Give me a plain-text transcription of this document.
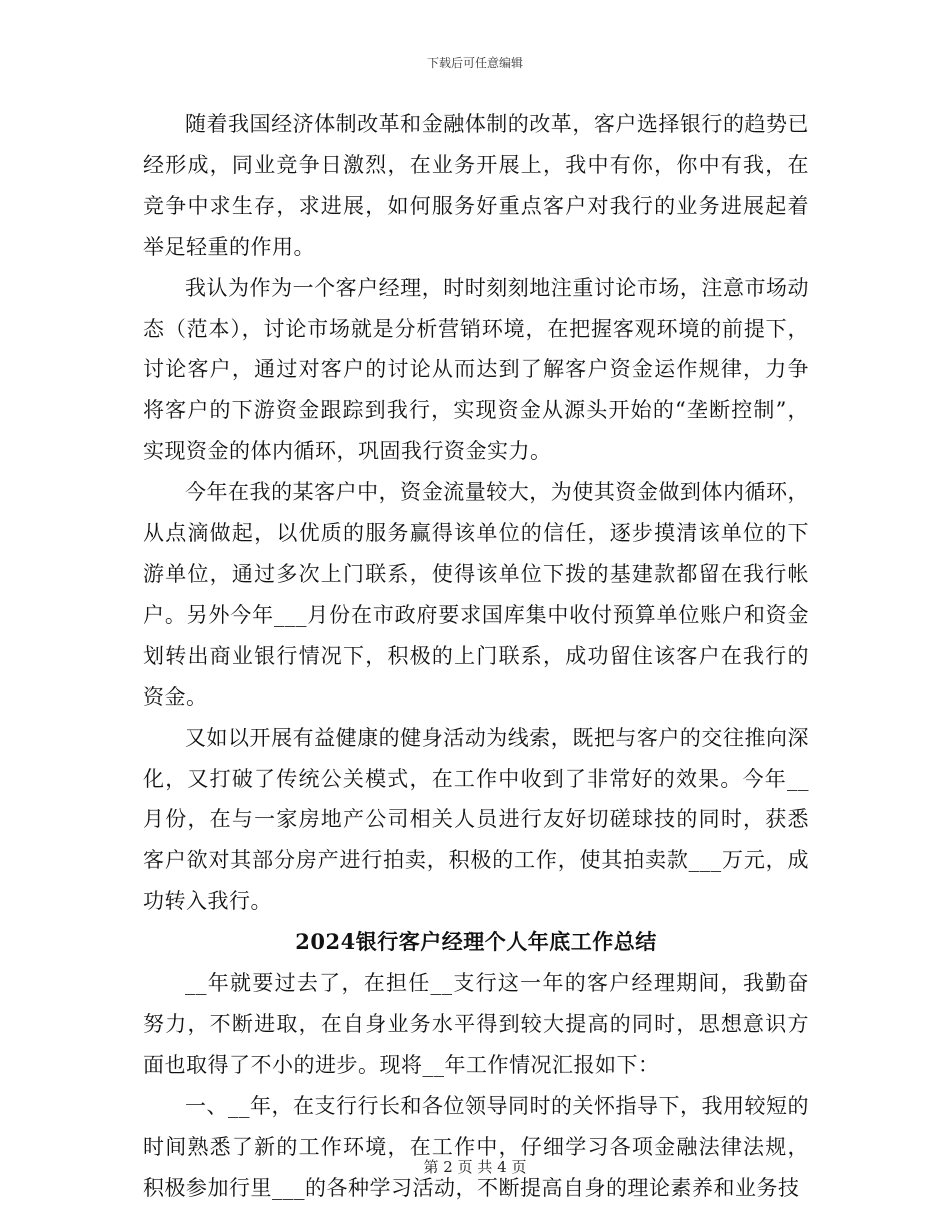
下载后可任意编辑

随着我国经济体制改革和金融体制的改革，客户选择银行的趋势已经形成，同业竞争日激烈，在业务开展上，我中有你，你中有我，在竞争中求生存，求进展，如何服务好重点客户对我行的业务进展起着举足轻重的作用。

我认为作为一个客户经理，时时刻刻地注重讨论市场，注意市场动态（范本），讨论市场就是分析营销环境，在把握客观环境的前提下，讨论客户，通过对客户的讨论从而达到了解客户资金运作规律，力争将客户的下游资金跟踪到我行，实现资金从源头开始的“垄断控制”，实现资金的体内循环，巩固我行资金实力。

今年在我的某客户中，资金流量较大，为使其资金做到体内循环，从点滴做起，以优质的服务赢得该单位的信任，逐步摸清该单位的下游单位，通过多次上门联系，使得该单位下拨的基建款都留在我行帐户。另外今年___月份在市政府要求国库集中收付预算单位账户和资金划转出商业银行情况下，积极的上门联系，成功留住该客户在我行的资金。

又如以开展有益健康的健身活动为线索，既把与客户的交往推向深化，又打破了传统公关模式，在工作中收到了非常好的效果。今年__月份，在与一家房地产公司相关人员进行友好切磋球技的同时，获悉客户欲对其部分房产进行拍卖，积极的工作，使其拍卖款___万元，成功转入我行。

2024银行客户经理个人年底工作总结

__年就要过去了，在担任__支行这一年的客户经理期间，我勤奋努力，不断进取，在自身业务水平得到较大提高的同时，思想意识方面也取得了不小的进步。现将__年工作情况汇报如下：

一、__年，在支行行长和各位领导同时的关怀指导下，我用较短的时间熟悉了新的工作环境，在工作中，仔细学习各项金融法律法规，积极参加行里___的各种学习活动，不断提高自身的理论素养和业务技

第 2 页 共 4 页
